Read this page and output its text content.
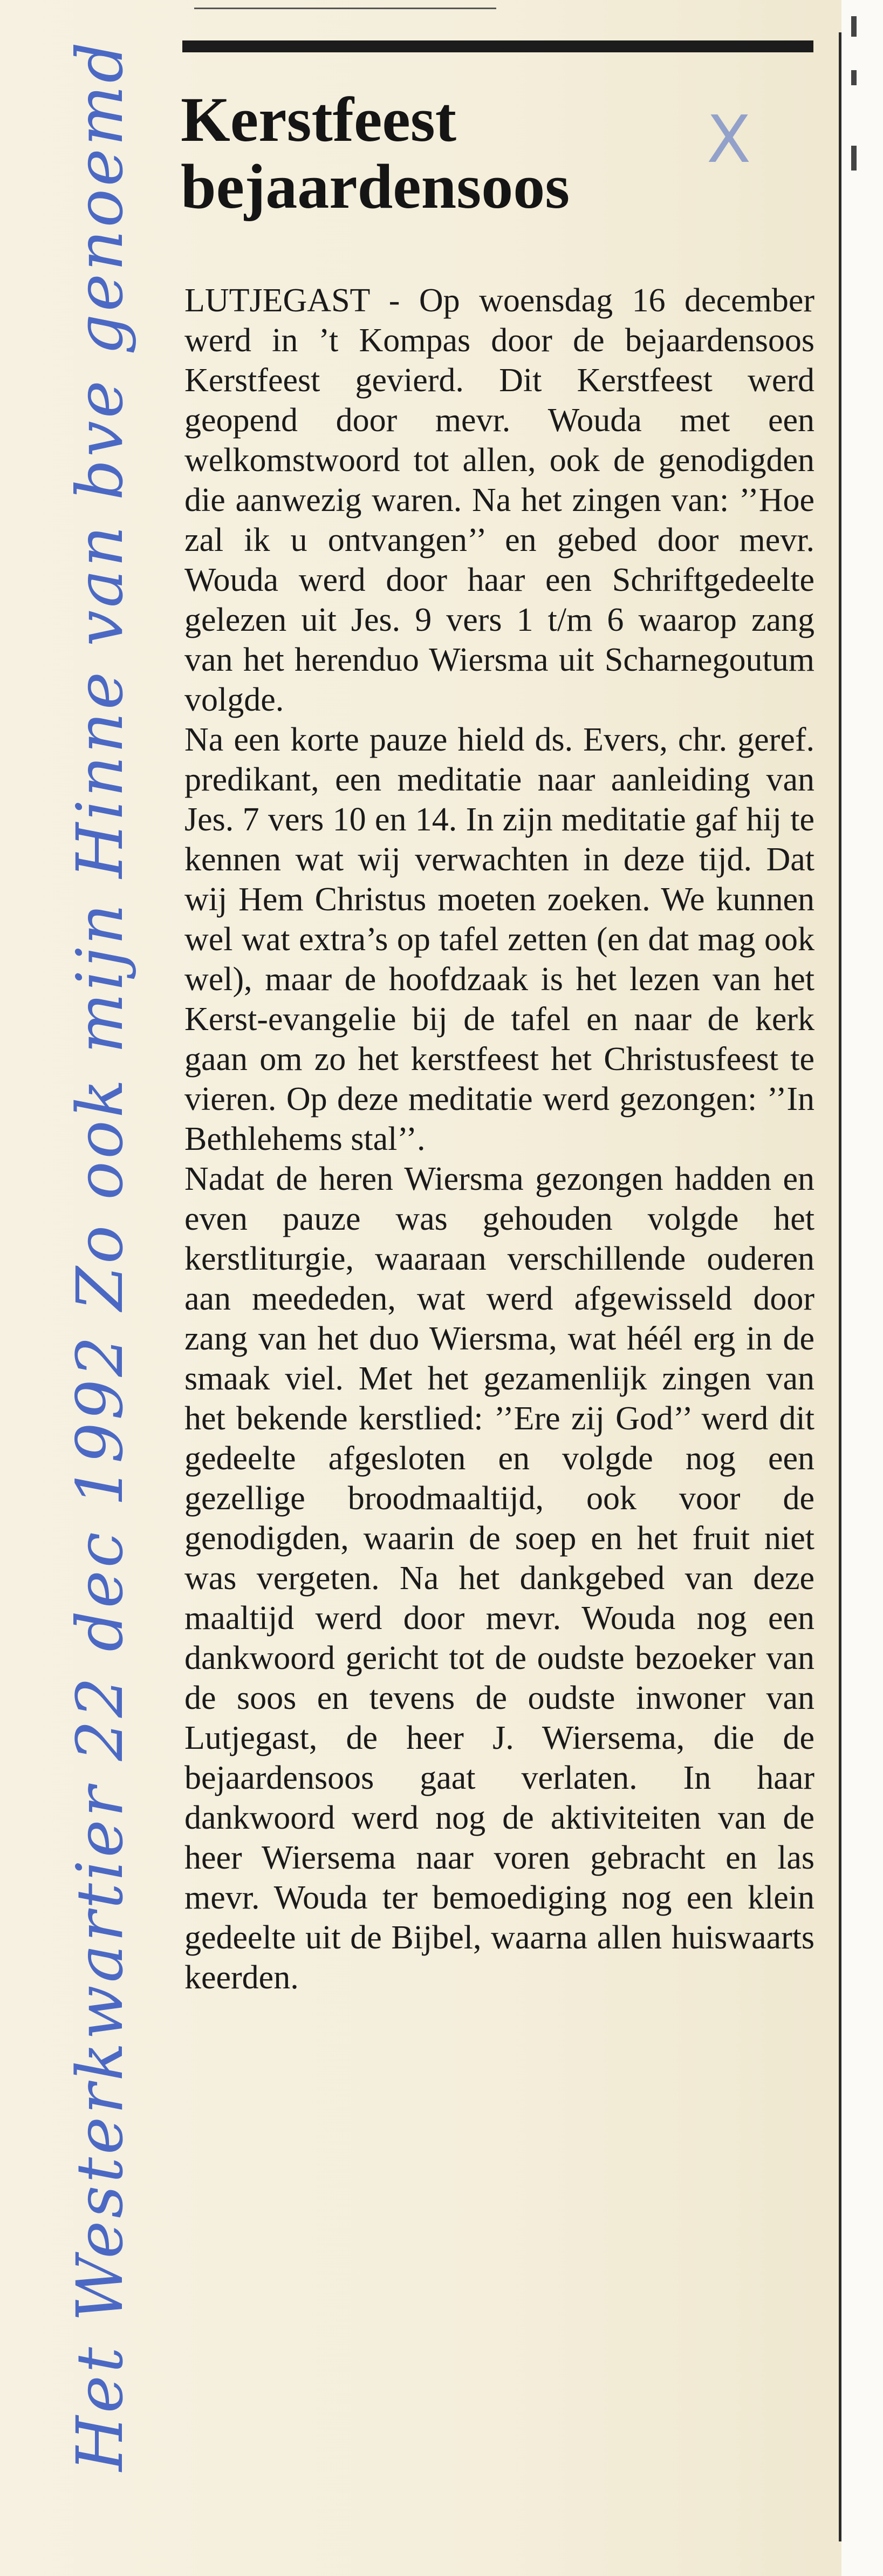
Kerstfeest
bejaardensoos
X

LUTJEGAST - Op woensdag 16 december werd in ’t Kompas door de bejaardensoos Kerstfeest gevierd. Dit Kerstfeest werd geopend door mevr. Wouda met een welkomstwoord tot allen, ook de genodigden die aanwezig waren. Na het zingen van: ’’Hoe zal ik u ontvangen’’ en gebed door mevr. Wouda werd door haar een Schriftgedeelte gelezen uit Jes. 9 vers 1 t/m 6 waarop zang van het herenduo Wiersma uit Scharnegoutum volgde.

Na een korte pauze hield ds. Evers, chr. geref. predikant, een meditatie naar aanleiding van Jes. 7 vers 10 en 14. In zijn meditatie gaf hij te kennen wat wij verwachten in deze tijd. Dat wij Hem Christus moeten zoeken. We kunnen wel wat extra’s op tafel zetten (en dat mag ook wel), maar de hoofdzaak is het lezen van het Kerst-evangelie bij de tafel en naar de kerk gaan om zo het kerstfeest het Christusfeest te vieren. Op deze meditatie werd gezongen: ’’In Bethlehems stal’’.

Nadat de heren Wiersma gezongen hadden en even pauze was gehouden volgde het kerstliturgie, waaraan verschillende ouderen aan meededen, wat werd afgewisseld door zang van het duo Wiersma, wat héél erg in de smaak viel. Met het gezamenlijk zingen van het bekende kerstlied: ’’Ere zij God’’ werd dit gedeelte afgesloten en volgde nog een gezellige broodmaaltijd, ook voor de genodigden, waarin de soep en het fruit niet was vergeten. Na het dankgebed van deze maaltijd werd door mevr. Wouda nog een dankwoord gericht tot de oudste bezoeker van de soos en tevens de oudste inwoner van Lutjegast, de heer J. Wiersema, die de bejaardensoos gaat verlaten. In haar dankwoord werd nog de aktiviteiten van de heer Wiersema naar voren gebracht en las mevr. Wouda ter bemoediging nog een klein gedeelte uit de Bijbel, waarna allen huiswaarts keerden.

Het Westerkwartier 22 dec 1992 Zo ook mijn Hinne van bve genoemd
